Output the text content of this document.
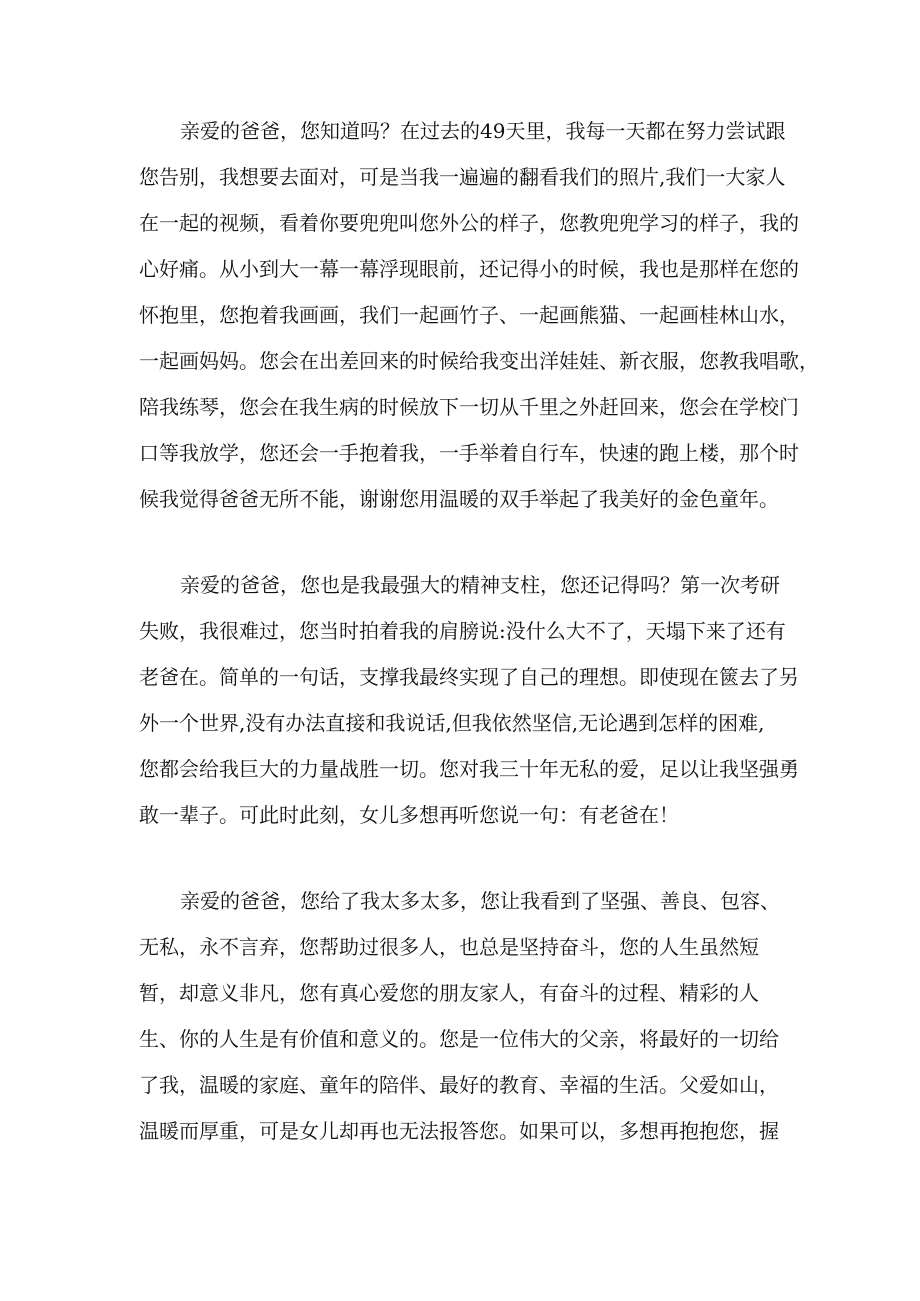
亲爱的爸爸，您知道吗？在过去的49天里，我每一天都在努力尝试跟
您告别，我想要去面对，可是当我一遍遍的翻看我们的照片,我们一大家人
在一起的视频，看着你要兜兜叫您外公的样子，您教兜兜学习的样子，我的
心好痛。从小到大一幕一幕浮现眼前，还记得小的时候，我也是那样在您的
怀抱里，您抱着我画画，我们一起画竹子、一起画熊猫、一起画桂林山水，
一起画妈妈。您会在出差回来的时候给我变出洋娃娃、新衣服，您教我唱歌，
陪我练琴，您会在我生病的时候放下一切从千里之外赶回来，您会在学校门
口等我放学，您还会一手抱着我，一手举着自行车，快速的跑上楼，那个时
候我觉得爸爸无所不能，谢谢您用温暖的双手举起了我美好的金色童年。
亲爱的爸爸，您也是我最强大的精神支柱，您还记得吗？第一次考研
失败，我很难过，您当时拍着我的肩膀说:没什么大不了，天塌下来了还有
老爸在。简单的一句话，支撑我最终实现了自己的理想。即使现在篋去了另
外一个世界,没有办法直接和我说话,但我依然坚信,无论遇到怎样的困难,
您都会给我巨大的力量战胜一切。您对我三十年无私的爱，足以让我坚强勇
敢一辈子。可此时此刻，女儿多想再听您说一句：有老爸在！
亲爱的爸爸，您给了我太多太多，您让我看到了坚强、善良、包容、
无私，永不言弃，您帮助过很多人，也总是坚持奋斗，您的人生虽然短
暂，却意义非凡，您有真心爱您的朋友家人，有奋斗的过程、精彩的人
生、你的人生是有价值和意义的。您是一位伟大的父亲，将最好的一切给
了我，温暖的家庭、童年的陪伴、最好的教育、幸福的生活。父爱如山，
温暖而厚重，可是女儿却再也无法报答您。如果可以，多想再抱抱您，握
